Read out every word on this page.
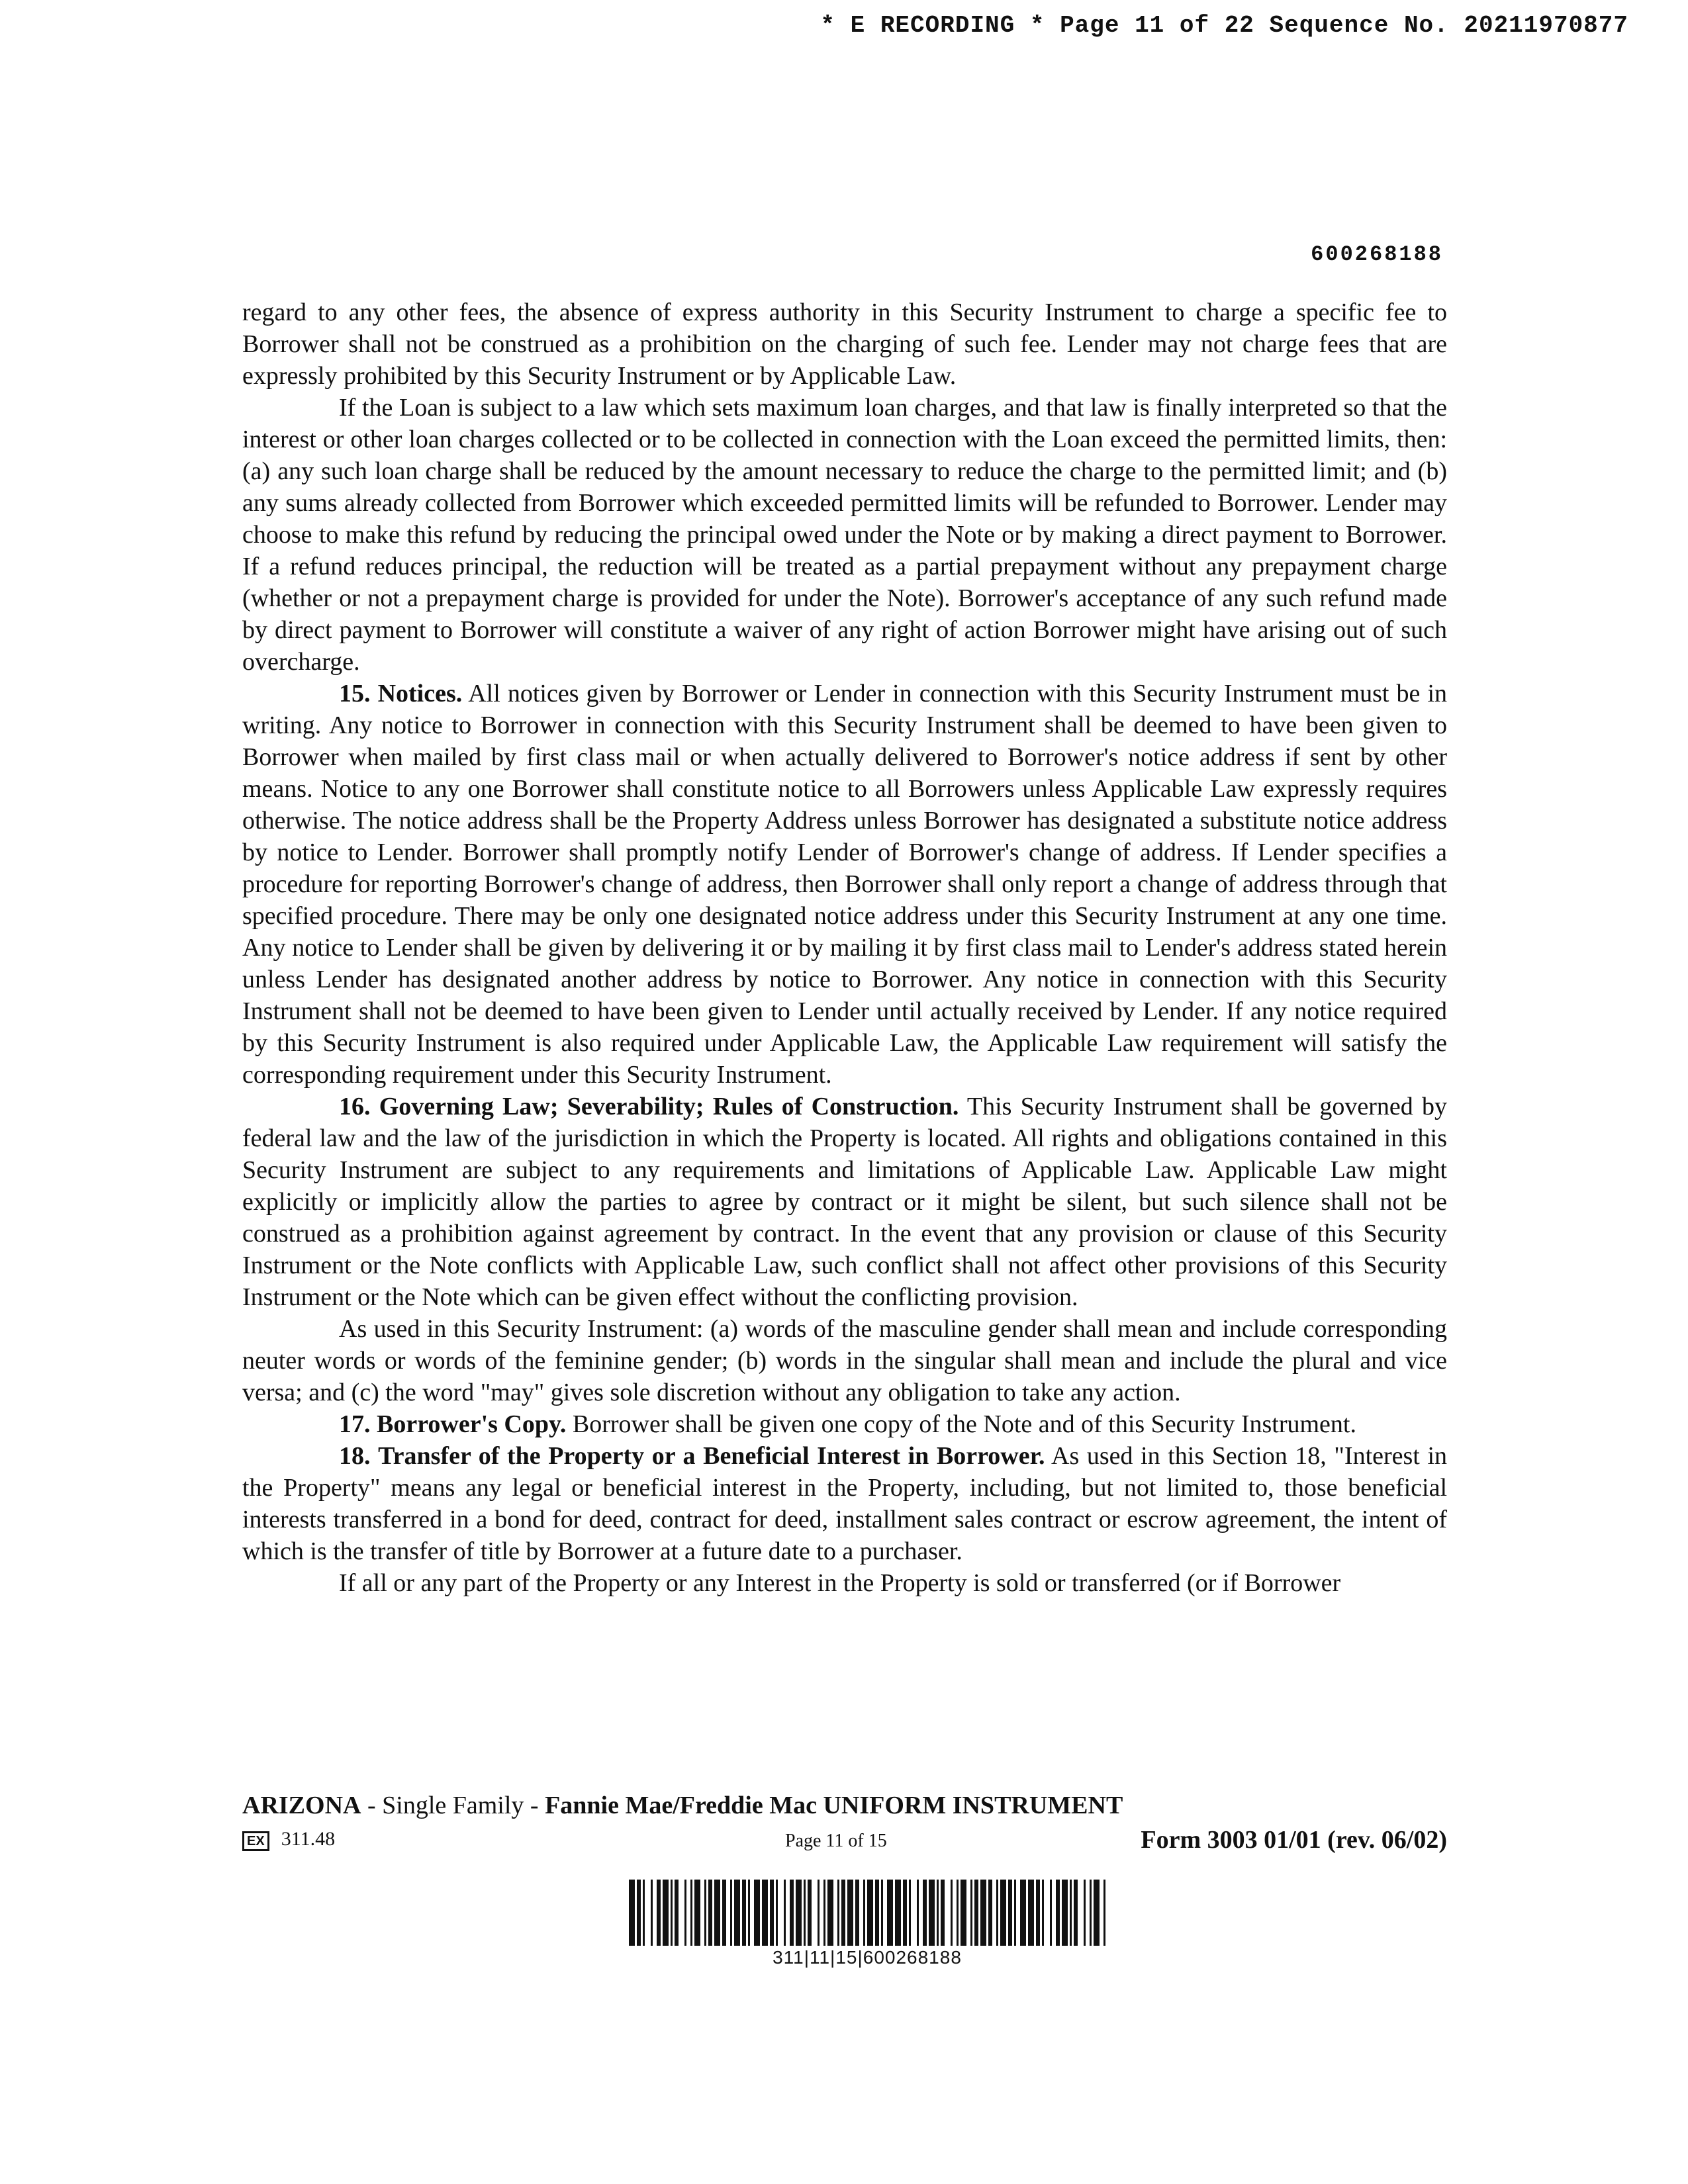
* E RECORDING * Page 11 of 22 Sequence No. 20211970877
600268188

regard to any other fees, the absence of express authority in this Security Instrument to charge a specific fee to Borrower shall not be construed as a prohibition on the charging of such fee. Lender may not charge fees that are expressly prohibited by this Security Instrument or by Applicable Law.

If the Loan is subject to a law which sets maximum loan charges, and that law is finally interpreted so that the interest or other loan charges collected or to be collected in connection with the Loan exceed the permitted limits, then: (a) any such loan charge shall be reduced by the amount necessary to reduce the charge to the permitted limit; and (b) any sums already collected from Borrower which exceeded permitted limits will be refunded to Borrower. Lender may choose to make this refund by reducing the principal owed under the Note or by making a direct payment to Borrower. If a refund reduces principal, the reduction will be treated as a partial prepayment without any prepayment charge (whether or not a prepayment charge is provided for under the Note). Borrower's acceptance of any such refund made by direct payment to Borrower will constitute a waiver of any right of action Borrower might have arising out of such overcharge.

15. Notices. All notices given by Borrower or Lender in connection with this Security Instrument must be in writing. Any notice to Borrower in connection with this Security Instrument shall be deemed to have been given to Borrower when mailed by first class mail or when actually delivered to Borrower's notice address if sent by other means. Notice to any one Borrower shall constitute notice to all Borrowers unless Applicable Law expressly requires otherwise. The notice address shall be the Property Address unless Borrower has designated a substitute notice address by notice to Lender. Borrower shall promptly notify Lender of Borrower's change of address. If Lender specifies a procedure for reporting Borrower's change of address, then Borrower shall only report a change of address through that specified procedure. There may be only one designated notice address under this Security Instrument at any one time. Any notice to Lender shall be given by delivering it or by mailing it by first class mail to Lender's address stated herein unless Lender has designated another address by notice to Borrower. Any notice in connection with this Security Instrument shall not be deemed to have been given to Lender until actually received by Lender. If any notice required by this Security Instrument is also required under Applicable Law, the Applicable Law requirement will satisfy the corresponding requirement under this Security Instrument.

16. Governing Law; Severability; Rules of Construction. This Security Instrument shall be governed by federal law and the law of the jurisdiction in which the Property is located. All rights and obligations contained in this Security Instrument are subject to any requirements and limitations of Applicable Law. Applicable Law might explicitly or implicitly allow the parties to agree by contract or it might be silent, but such silence shall not be construed as a prohibition against agreement by contract. In the event that any provision or clause of this Security Instrument or the Note conflicts with Applicable Law, such conflict shall not affect other provisions of this Security Instrument or the Note which can be given effect without the conflicting provision.

As used in this Security Instrument: (a) words of the masculine gender shall mean and include corresponding neuter words or words of the feminine gender; (b) words in the singular shall mean and include the plural and vice versa; and (c) the word "may" gives sole discretion without any obligation to take any action.

17. Borrower's Copy. Borrower shall be given one copy of the Note and of this Security Instrument.

18. Transfer of the Property or a Beneficial Interest in Borrower. As used in this Section 18, "Interest in the Property" means any legal or beneficial interest in the Property, including, but not limited to, those beneficial interests transferred in a bond for deed, contract for deed, installment sales contract or escrow agreement, the intent of which is the transfer of title by Borrower at a future date to a purchaser.

If all or any part of the Property or any Interest in the Property is sold or transferred (or if Borrower

ARIZONA - Single Family - Fannie Mae/Freddie Mac UNIFORM INSTRUMENT
EX 311.48	Page 11 of 15	Form 3003 01/01 (rev. 06/02)
311|11|15|600268188
